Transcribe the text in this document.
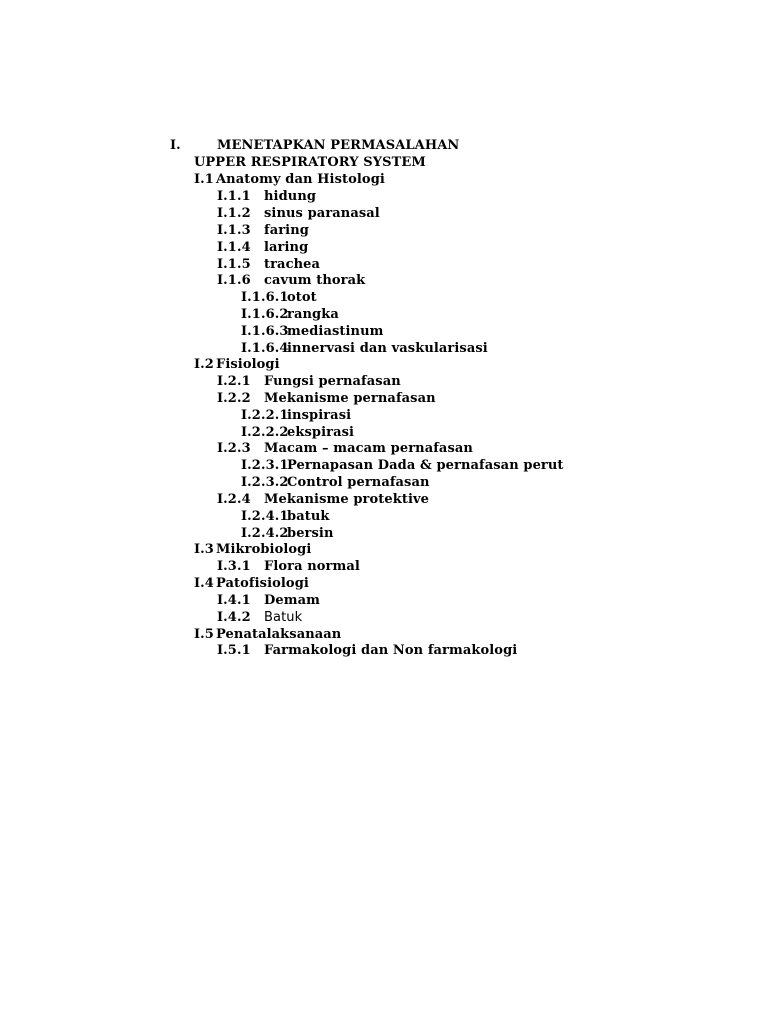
I.	MENETAPKAN PERMASALAHAN
UPPER RESPIRATORY SYSTEM
I.1 Anatomy dan Histologi
I.1.1 hidung
I.1.2 sinus paranasal
I.1.3 faring
I.1.4 laring
I.1.5 trachea
I.1.6 cavum thorak
I.1.6.1
otot
I.1.6.2
rangka
I.1.6.3
mediastinum
I.1.6.4
innervasi dan vaskularisasi
I.2 Fisiologi
I.2.1 Fungsi pernafasan
I.2.2 Mekanisme pernafasan
I.2.2.1
inspirasi
I.2.2.2
ekspirasi
I.2.3 Macam – macam pernafasan
I.2.3.1
Pernapasan Dada & pernafasan perut
I.2.3.2
Control pernafasan
I.2.4 Mekanisme protektive
I.2.4.1
batuk
I.2.4.2
bersin
I.3 Mikrobiologi
I.3.1 Flora normal
I.4 Patofisiologi
I.4.1 Demam
I.4.2 Batuk
I.5 Penatalaksanaan
I.5.1 Farmakologi dan Non farmakologi
